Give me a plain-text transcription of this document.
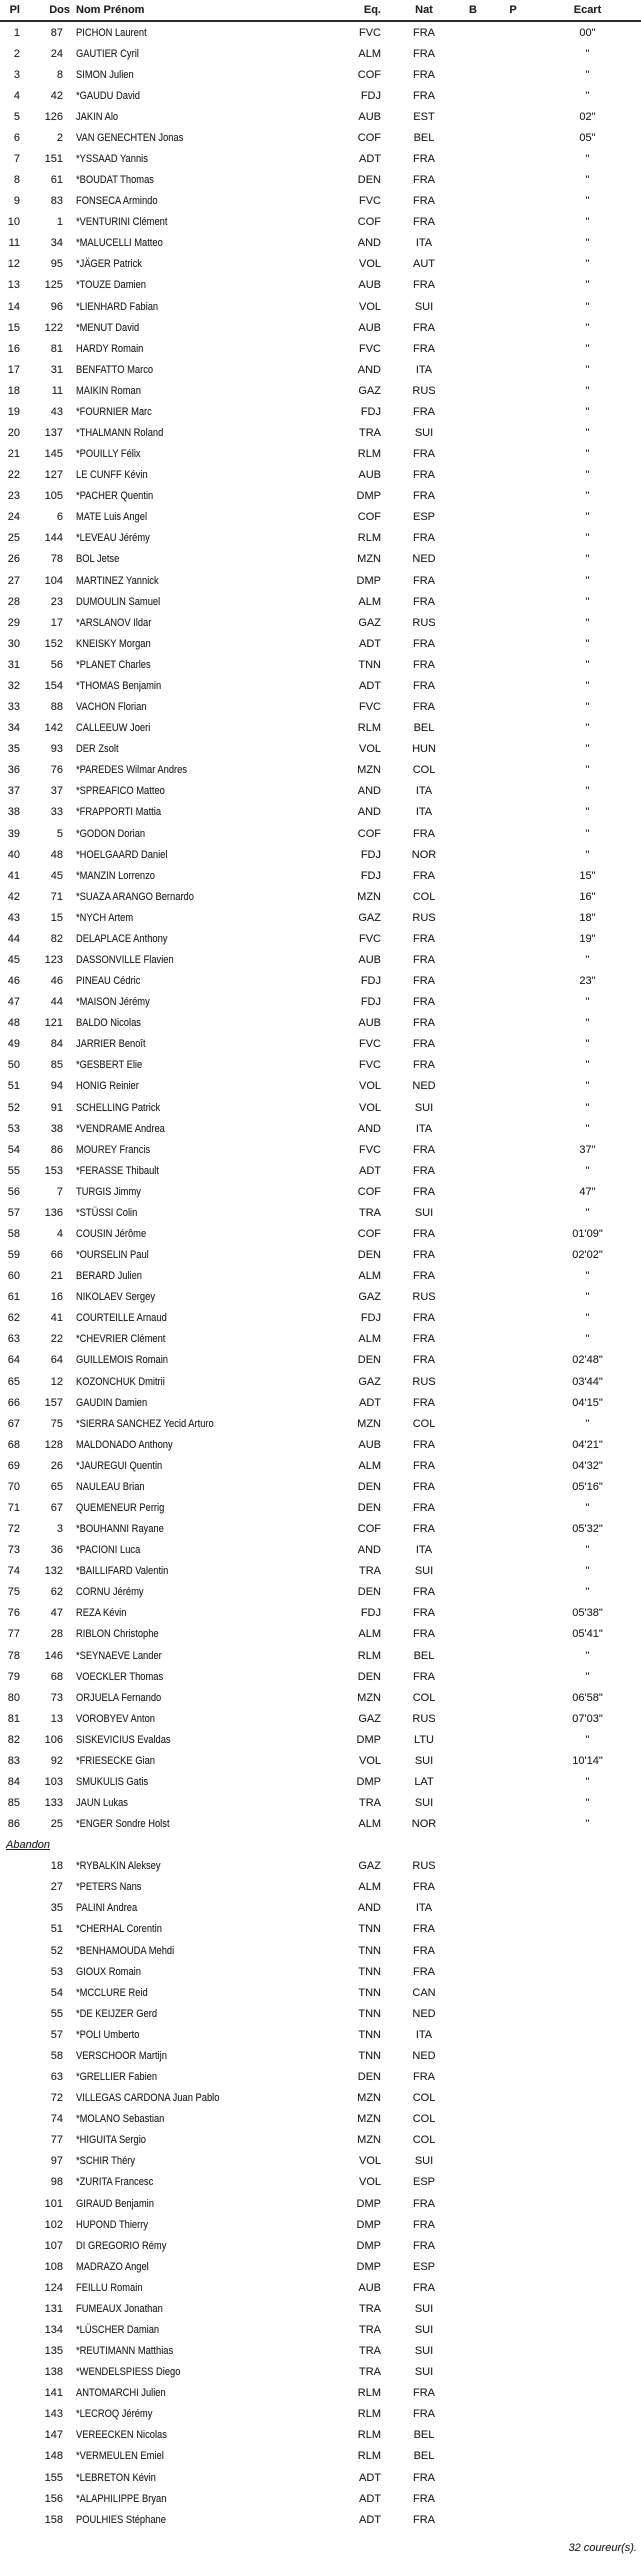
Pl	Dos Nom Prénom	Eq.	Nat	B	P	Ecart
1	87	PICHON Laurent	FVC	FRA	00"
2	24	GAUTIER Cyril	ALM	FRA	''
3	8	SIMON Julien	COF	FRA	''
4	42	*GAUDU David	FDJ	FRA	''
5	126	JAKIN Alo	AUB	EST	02"
6	2	VAN GENECHTEN Jonas	COF	BEL	05"
7	151	*YSSAAD Yannis	ADT	FRA	''
8	61	*BOUDAT Thomas	DEN	FRA	''
9	83	FONSECA Armindo	FVC	FRA	''
10	1	*VENTURINI Clément	COF	FRA	''
11	34	*MALUCELLI Matteo	AND	ITA	''
12	95	*JÄGER Patrick	VOL	AUT	''
13	125	*TOUZE Damien	AUB	FRA	''
14	96	*LIENHARD Fabian	VOL	SUI	''
15	122	*MENUT David	AUB	FRA	''
16	81	HARDY Romain	FVC	FRA	''
17	31	BENFATTO Marco	AND	ITA	''
18	11	MAIKIN Roman	GAZ	RUS	''
19	43	*FOURNIER Marc	FDJ	FRA	''
20	137	*THALMANN Roland	TRA	SUI	''
21	145	*POUILLY Félix	RLM	FRA	''
22	127	LE CUNFF Kévin	AUB	FRA	''
23	105	*PACHER Quentin	DMP	FRA	''
24	6	MATE Luis Angel	COF	ESP	''
25	144	*LEVEAU Jérémy	RLM	FRA	''
26	78	BOL Jetse	MZN	NED	''
27	104	MARTINEZ Yannick	DMP	FRA	''
28	23	DUMOULIN Samuel	ALM	FRA	''
29	17	*ARSLANOV Ildar	GAZ	RUS	''
30	152	KNEISKY Morgan	ADT	FRA	''
31	56	*PLANET Charles	TNN	FRA	''
32	154	*THOMAS Benjamin	ADT	FRA	''
33	88	VACHON Florian	FVC	FRA	''
34	142	CALLEEUW Joeri	RLM	BEL	''
35	93	DER Zsolt	VOL	HUN	''
36	76	*PAREDES Wilmar Andres	MZN	COL	''
37	37	*SPREAFICO Matteo	AND	ITA	''
38	33	*FRAPPORTI Mattia	AND	ITA	''
39	5	*GODON Dorian	COF	FRA	''
40	48	*HOELGAARD Daniel	FDJ	NOR	''
41	45	*MANZIN Lorrenzo	FDJ	FRA	15"
42	71	*SUAZA ARANGO Bernardo	MZN	COL	16"
43	15	*NYCH Artem	GAZ	RUS	18"
44	82	DELAPLACE Anthony	FVC	FRA	19"
45	123	DASSONVILLE Flavien	AUB	FRA	''
46	46	PINEAU Cédric	FDJ	FRA	23"
47	44	*MAISON Jérémy	FDJ	FRA	''
48	121	BALDO Nicolas	AUB	FRA	''
49	84	JARRIER Benoît	FVC	FRA	''
50	85	*GESBERT Elie	FVC	FRA	''
51	94	HONIG Reinier	VOL	NED	''
52	91	SCHELLING Patrick	VOL	SUI	''
53	38	*VENDRAME Andrea	AND	ITA	''
54	86	MOUREY Francis	FVC	FRA	37"
55	153	*FERASSE Thibault	ADT	FRA	''
56	7	TURGIS Jimmy	COF	FRA	47"
57	136	*STÜSSI Colin	TRA	SUI	''
58	4	COUSIN Jérôme	COF	FRA	01'09"
59	66	*OURSELIN Paul	DEN	FRA	02'02"
60	21	BERARD Julien	ALM	FRA	''
61	16	NIKOLAEV Sergey	GAZ	RUS	''
62	41	COURTEILLE Arnaud	FDJ	FRA	''
63	22	*CHEVRIER Clément	ALM	FRA	''
64	64	GUILLEMOIS Romain	DEN	FRA	02'48"
65	12	KOZONCHUK Dmitrii	GAZ	RUS	03'44"
66	157	GAUDIN Damien	ADT	FRA	04'15"
67	75	*SIERRA SANCHEZ Yecid Arturo	MZN	COL	''
68	128	MALDONADO Anthony	AUB	FRA	04'21"
69	26	*JAUREGUI Quentin	ALM	FRA	04'32"
70	65	NAULEAU Brian	DEN	FRA	05'16"
71	67	QUEMENEUR Perrig	DEN	FRA	''
72	3	*BOUHANNI Rayane	COF	FRA	05'32"
73	36	*PACIONI Luca	AND	ITA	''
74	132	*BAILLIFARD Valentin	TRA	SUI	''
75	62	CORNU Jérémy	DEN	FRA	''
76	47	REZA Kévin	FDJ	FRA	05'38"
77	28	RIBLON Christophe	ALM	FRA	05'41"
78	146	*SEYNAEVE Lander	RLM	BEL	''
79	68	VOECKLER Thomas	DEN	FRA	''
80	73	ORJUELA Fernando	MZN	COL	06'58"
81	13	VOROBYEV Anton	GAZ	RUS	07'03"
82	106	SISKEVICIUS Evaldas	DMP	LTU	''
83	92	*FRIESECKE Gian	VOL	SUI	10'14"
84	103	SMUKULIS Gatis	DMP	LAT	''
85	133	JAUN Lukas	TRA	SUI	''
86	25	*ENGER Sondre Holst	ALM	NOR	''
Abandon
18	*RYBALKIN Aleksey	GAZ	RUS
27	*PETERS Nans	ALM	FRA
35	PALINI Andrea	AND	ITA
51	*CHERHAL Corentin	TNN	FRA
52	*BENHAMOUDA Mehdi	TNN	FRA
53	GIOUX Romain	TNN	FRA
54	*MCCLURE Reid	TNN	CAN
55	*DE KEIJZER Gerd	TNN	NED
57	*POLI Umberto	TNN	ITA
58	VERSCHOOR Martijn	TNN	NED
63	*GRELLIER Fabien	DEN	FRA
72	VILLEGAS CARDONA Juan Pablo	MZN	COL
74	*MOLANO Sebastian	MZN	COL
77	*HIGUITA Sergio	MZN	COL
97	*SCHIR Théry	VOL	SUI
98	*ZURITA Francesc	VOL	ESP
101	GIRAUD Benjamin	DMP	FRA
102	HUPOND Thierry	DMP	FRA
107	DI GREGORIO Rémy	DMP	FRA
108	MADRAZO Angel	DMP	ESP
124	FEILLU Romain	AUB	FRA
131	FUMEAUX Jonathan	TRA	SUI
134	*LÜSCHER Damian	TRA	SUI
135	*REUTIMANN Matthias	TRA	SUI
138	*WENDELSPIESS Diego	TRA	SUI
141	ANTOMARCHI Julien	RLM	FRA
143	*LECROQ Jérémy	RLM	FRA
147	VEREECKEN Nicolas	RLM	BEL
148	*VERMEULEN Emiel	RLM	BEL
155	*LEBRETON Kévin	ADT	FRA
156	*ALAPHILIPPE Bryan	ADT	FRA
158	POULHIES Stéphane	ADT	FRA
32 coureur(s).
